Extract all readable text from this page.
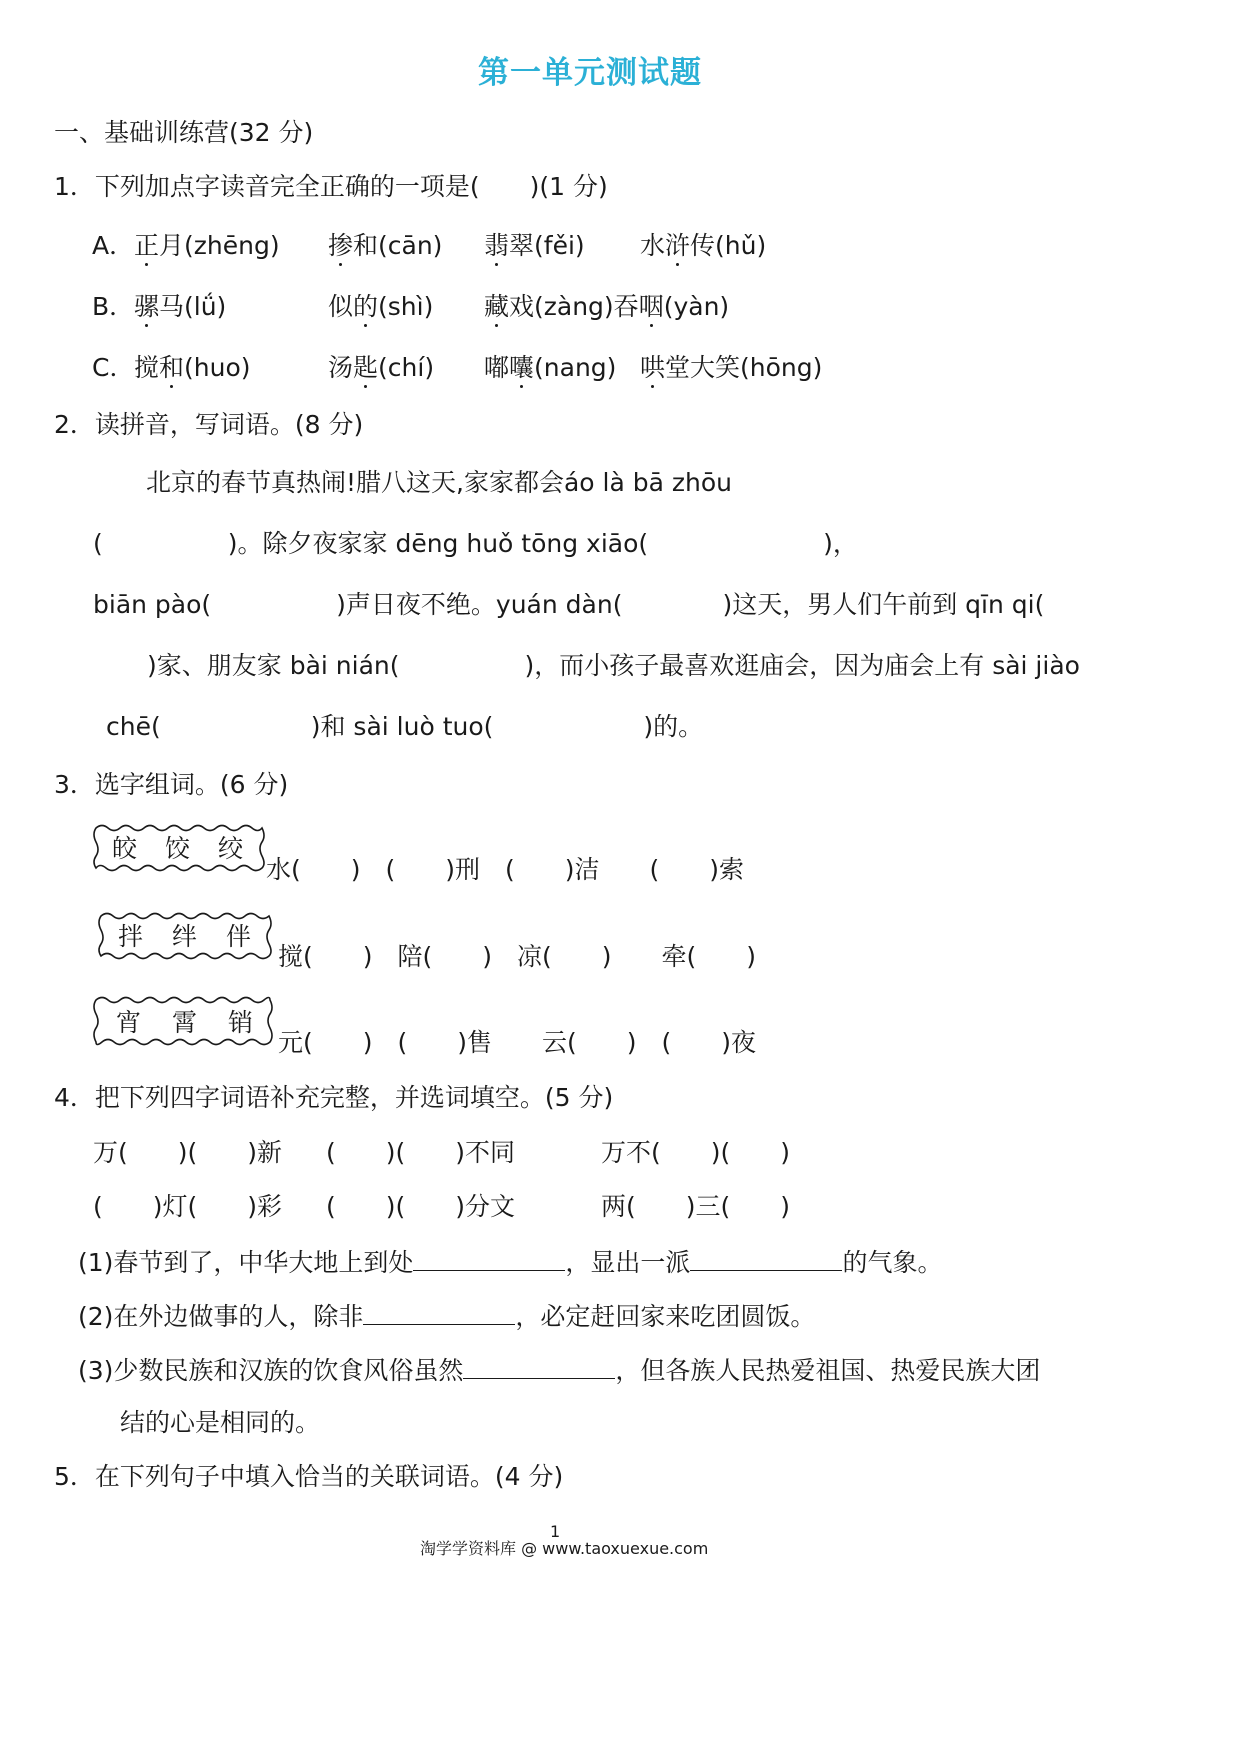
第一单元测试题
一、基础训练营(32 分)
1．下列加点字读音完全正确的一项是(　　)(1 分)
A． 正月(zhēng) 掺和(cān) 翡翠(fěi) 水浒传(hǔ)
B． 骡马(lǘ)	似的(shì) 藏戏(zàng)吞咽(yàn)
C． 搅和(huo)	汤匙(chí) 嘟囔(nang) 哄堂大笑(hōng)
2．读拼音，写词语。(8 分)
北京的春节真热闹!腊八这天,家家都会áo là bā zhōu
(　　　　　)。除夕夜家家 dēng huǒ tōng xiāo(　　　　　　　)，
biān pào(　　　　　)声日夜不绝。yuán dàn(　　　　)这天，男人们午前到 qīn qi(
　)家、朋友家 bài nián(　　　　　)，而小孩子最喜欢逛庙会，因为庙会上有 sài jiào
chē(　　　　　　)和 sài luò tuo(　　　　　　)的。
3．选字组词。(6 分)
皎 饺 绞
水(　　)　(　　)刑　(　　)洁　　(　　)索
拌 绊 伴
搅(　　)　陪(　　)　凉(　　)　　牵(　　)
宵 霄 销
元(　　)　(　　)售　　云(　　)　(　　)夜
4．把下列四字词语补充完整，并选词填空。(5 分)
万(　　)(　　)新 (　　)(　　)不同	万不(　　)(　　)
(　　)灯(　　)彩 (　　)(　　)分文	两(　　)三(　　)
(1)春节到了，中华大地上到处	，显出一派	的气象。
(2)在外边做事的人，除非	，必定赶回家来吃团圆饭。
(3)少数民族和汉族的饮食风俗虽然	，但各族人民热爱祖国、热爱民族大团
结的心是相同的。
5．在下列句子中填入恰当的关联词语。(4 分)
1
淘学学资料库 @ www.taoxuexue.com
